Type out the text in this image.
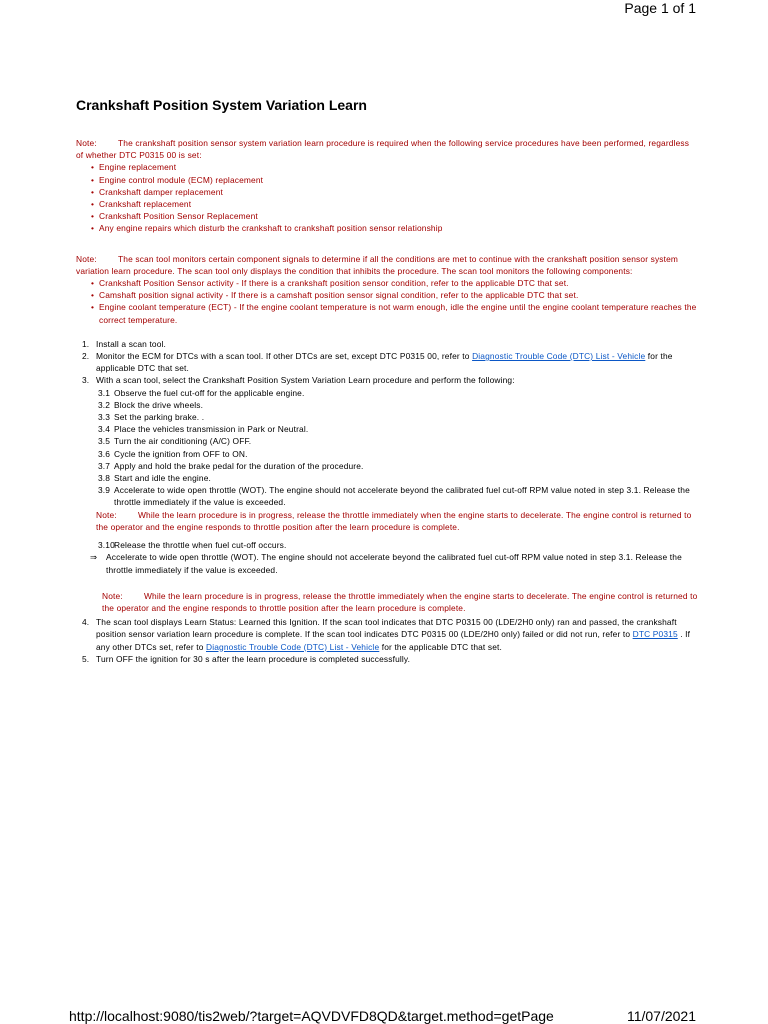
Page 1 of 1
Crankshaft Position System Variation Learn

Note:	The crankshaft position sensor system variation learn procedure is required when the following service procedures have been performed, regardless of whether DTC P0315 00 is set:

• Engine replacement
• Engine control module (ECM) replacement
• Crankshaft damper replacement
• Crankshaft replacement
• Crankshaft Position Sensor Replacement
• Any engine repairs which disturb the crankshaft to crankshaft position sensor relationship

Note:	The scan tool monitors certain component signals to determine if all the conditions are met to continue with the crankshaft position sensor system variation learn procedure. The scan tool only displays the condition that inhibits the procedure. The scan tool monitors the following components:

• Crankshaft Position Sensor activity - If there is a crankshaft position sensor condition, refer to the applicable DTC that set.
• Camshaft position signal activity - If there is a camshaft position sensor signal condition, refer to the applicable DTC that set.
• Engine coolant temperature (ECT) - If the engine coolant temperature is not warm enough, idle the engine until the engine coolant temperature reaches the correct temperature.
1. Install a scan tool.
2. Monitor the ECM for DTCs with a scan tool. If other DTCs are set, except DTC P0315 00, refer to Diagnostic Trouble Code (DTC) List - Vehicle for the applicable DTC that set.
3. With a scan tool, select the Crankshaft Position System Variation Learn procedure and perform the following:
3.1 Observe the fuel cut-off for the applicable engine.
3.2 Block the drive wheels.
3.3 Set the parking brake. .
3.4 Place the vehicles transmission in Park or Neutral.
3.5 Turn the air conditioning (A/C) OFF.
3.6 Cycle the ignition from OFF to ON.
3.7 Apply and hold the brake pedal for the duration of the procedure.
3.8 Start and idle the engine.
3.9 Accelerate to wide open throttle (WOT). The engine should not accelerate beyond the calibrated fuel cut-off RPM value noted in step 3.1. Release the throttle immediately if the value is exceeded.
Note:	While the learn procedure is in progress, release the throttle immediately when the engine starts to decelerate. The engine control is returned to the operator and the engine responds to throttle position after the learn procedure is complete.
3.10 Release the throttle when fuel cut-off occurs.
⇒ Accelerate to wide open throttle (WOT). The engine should not accelerate beyond the calibrated fuel cut-off RPM value noted in step 3.1. Release the throttle immediately if the value is exceeded.
Note:	While the learn procedure is in progress, release the throttle immediately when the engine starts to decelerate. The engine control is returned to the operator and the engine responds to throttle position after the learn procedure is complete.
4. The scan tool displays Learn Status: Learned this Ignition. If the scan tool indicates that DTC P0315 00 (LDE/2H0 only) ran and passed, the crankshaft position sensor variation learn procedure is complete. If the scan tool indicates DTC P0315 00 (LDE/2H0 only) failed or did not run, refer to DTC P0315 . If any other DTCs set, refer to Diagnostic Trouble Code (DTC) List - Vehicle for the applicable DTC that set.
5. Turn OFF the ignition for 30 s after the learn procedure is completed successfully.
http://localhost:9080/tis2web/?target=AQVDVFD8QD&target.method=getPage	11/07/2021
